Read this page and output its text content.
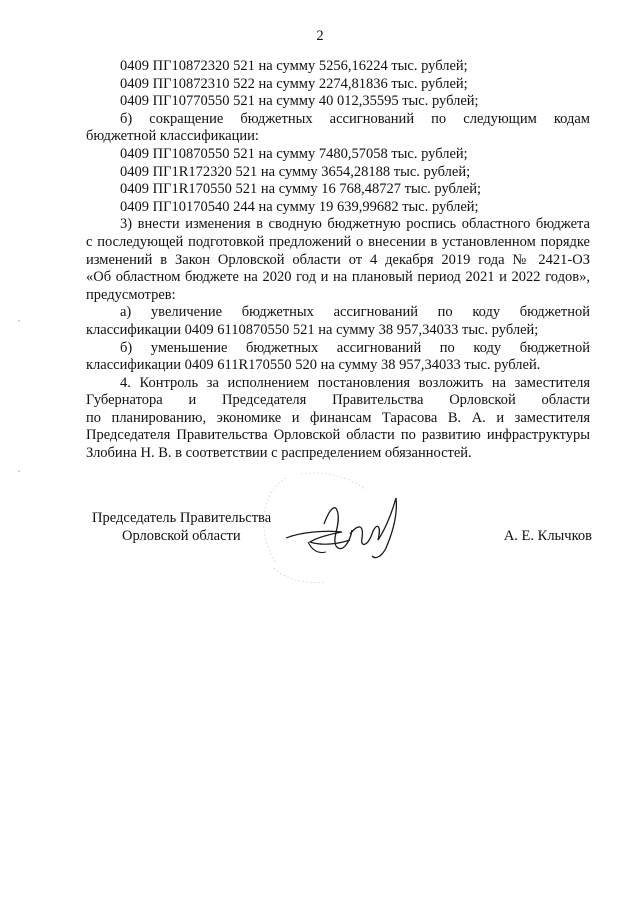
2
0409 ПГ10872320 521 на сумму 5256,16224 тыс. рублей;
0409 ПГ10872310 522 на сумму 2274,81836 тыс. рублей;
0409 ПГ10770550 521 на сумму 40 012,35595 тыс. рублей;
б) сокращение бюджетных ассигнований по следующим кодам
бюджетной классификации:
0409 ПГ10870550 521 на сумму 7480,57058 тыс. рублей;
0409 ПГ1R172320 521 на сумму 3654,28188 тыс. рублей;
0409 ПГ1R170550 521 на сумму 16 768,48727 тыс. рублей;
0409 ПГ10170540 244 на сумму 19 639,99682 тыс. рублей;
3) внести изменения в сводную бюджетную роспись областного бюджета
с последующей подготовкой предложений о внесении в установленном порядке
изменений в Закон Орловской области от 4 декабря 2019 года № 2421-ОЗ
«Об областном бюджете на 2020 год и на плановый период 2021 и 2022 годов»,
предусмотрев:
а) увеличение бюджетных ассигнований по коду бюджетной
классификации 0409 6110870550 521 на сумму 38 957,34033 тыс. рублей;
б) уменьшение бюджетных ассигнований по коду бюджетной
классификации 0409 611R170550 520 на сумму 38 957,34033 тыс. рублей.
4. Контроль за исполнением постановления возложить на заместителя
Губернатора и Председателя Правительства Орловской области
по планированию, экономике и финансам Тарасова В. А. и заместителя
Председателя Правительства Орловской области по развитию инфраструктуры
Злобина Н. В. в соответствии с распределением обязанностей.
Председатель Правительства
Орловской области	А. Е. Клычков
